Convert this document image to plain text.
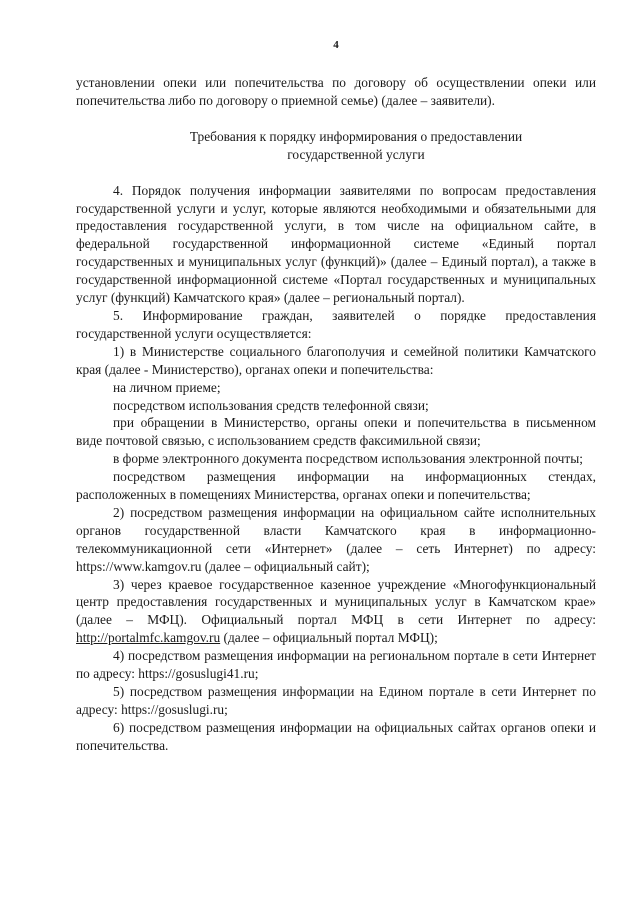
4

установлении опеки или попечительства по договору об осуществлении опеки или попечительства либо по договору о приемной семье) (далее – заявители).

Требования к порядку информирования о предоставлении
государственной услуги

4. Порядок получения информации заявителями по вопросам предоставления государственной услуги и услуг, которые являются необходимыми и обязательными для предоставления государственной услуги, в том числе на официальном сайте, в федеральной государственной информационной системе «Единый портал государственных и муниципальных услуг (функций)» (далее – Единый портал), а также в государственной информационной системе «Портал государственных и муниципальных услуг (функций) Камчатского края» (далее – региональный портал).

5. Информирование граждан, заявителей о порядке предоставления государственной услуги осуществляется:

1) в Министерстве социального благополучия и семейной политики Камчатского края (далее - Министерство), органах опеки и попечительства:

на личном приеме;

посредством использования средств телефонной связи;

при обращении в Министерство, органы опеки и попечительства в письменном виде почтовой связью, с использованием средств факсимильной связи;

в форме электронного документа посредством использования электронной почты;

посредством размещения информации на информационных стендах, расположенных в помещениях Министерства, органах опеки и попечительства;

2) посредством размещения информации на официальном сайте исполнительных органов государственной власти Камчатского края в информационно-телекоммуникационной сети «Интернет» (далее – сеть Интернет) по адресу: https://www.kamgov.ru (далее – официальный сайт);

3) через краевое государственное казенное учреждение «Многофункциональный центр предоставления государственных и муниципальных услуг в Камчатском крае» (далее – МФЦ). Официальный портал МФЦ в сети Интернет по адресу: http://portalmfc.kamgov.ru (далее – официальный портал МФЦ);

4) посредством размещения информации на региональном портале в сети Интернет по адресу: https://gosuslugi41.ru;

5) посредством размещения информации на Едином портале в сети Интернет по адресу: https://gosuslugi.ru;

6) посредством размещения информации на официальных сайтах органов опеки и попечительства.
